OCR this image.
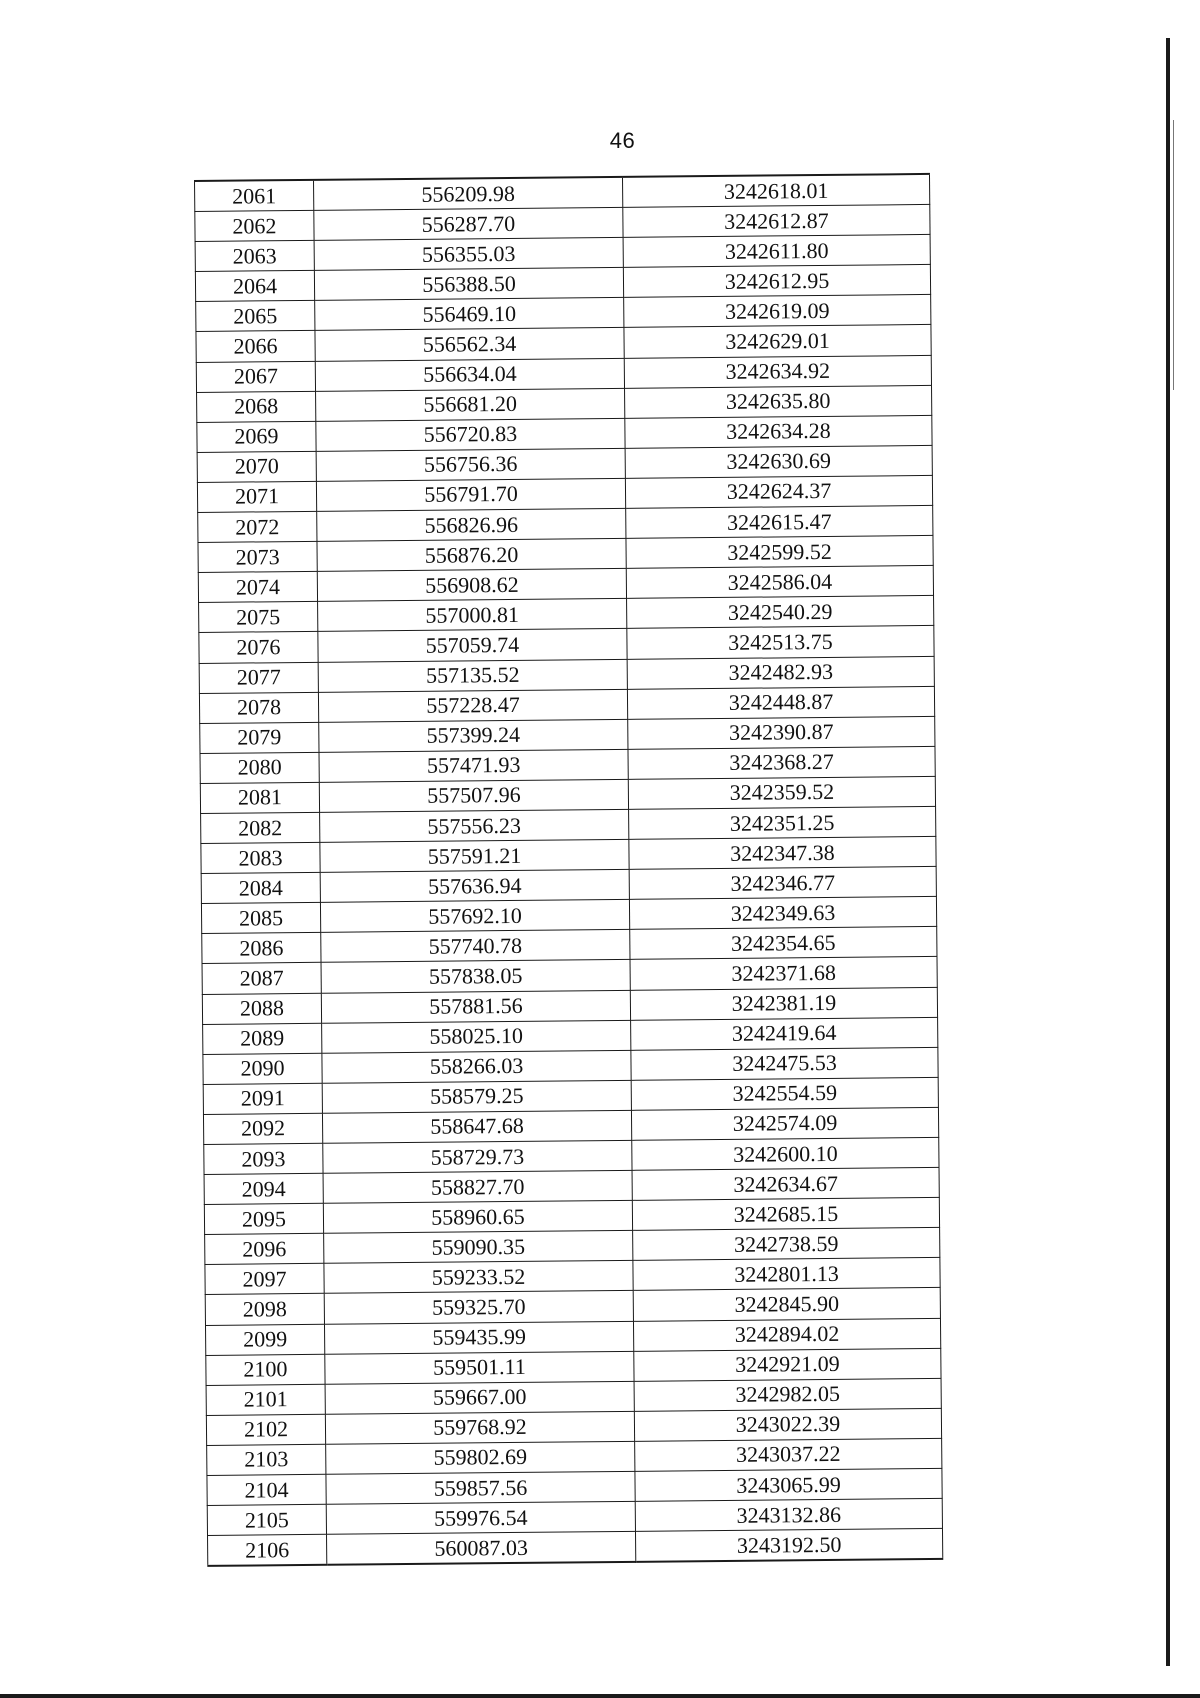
46
2061	556209.98	3242618.01
2062	556287.70	3242612.87
2063	556355.03	3242611.80
2064	556388.50	3242612.95
2065	556469.10	3242619.09
2066	556562.34	3242629.01
2067	556634.04	3242634.92
2068	556681.20	3242635.80
2069	556720.83	3242634.28
2070	556756.36	3242630.69
2071	556791.70	3242624.37
2072	556826.96	3242615.47
2073	556876.20	3242599.52
2074	556908.62	3242586.04
2075	557000.81	3242540.29
2076	557059.74	3242513.75
2077	557135.52	3242482.93
2078	557228.47	3242448.87
2079	557399.24	3242390.87
2080	557471.93	3242368.27
2081	557507.96	3242359.52
2082	557556.23	3242351.25
2083	557591.21	3242347.38
2084	557636.94	3242346.77
2085	557692.10	3242349.63
2086	557740.78	3242354.65
2087	557838.05	3242371.68
2088	557881.56	3242381.19
2089	558025.10	3242419.64
2090	558266.03	3242475.53
2091	558579.25	3242554.59
2092	558647.68	3242574.09
2093	558729.73	3242600.10
2094	558827.70	3242634.67
2095	558960.65	3242685.15
2096	559090.35	3242738.59
2097	559233.52	3242801.13
2098	559325.70	3242845.90
2099	559435.99	3242894.02
2100	559501.11	3242921.09
2101	559667.00	3242982.05
2102	559768.92	3243022.39
2103	559802.69	3243037.22
2104	559857.56	3243065.99
2105	559976.54	3243132.86
2106	560087.03	3243192.50
